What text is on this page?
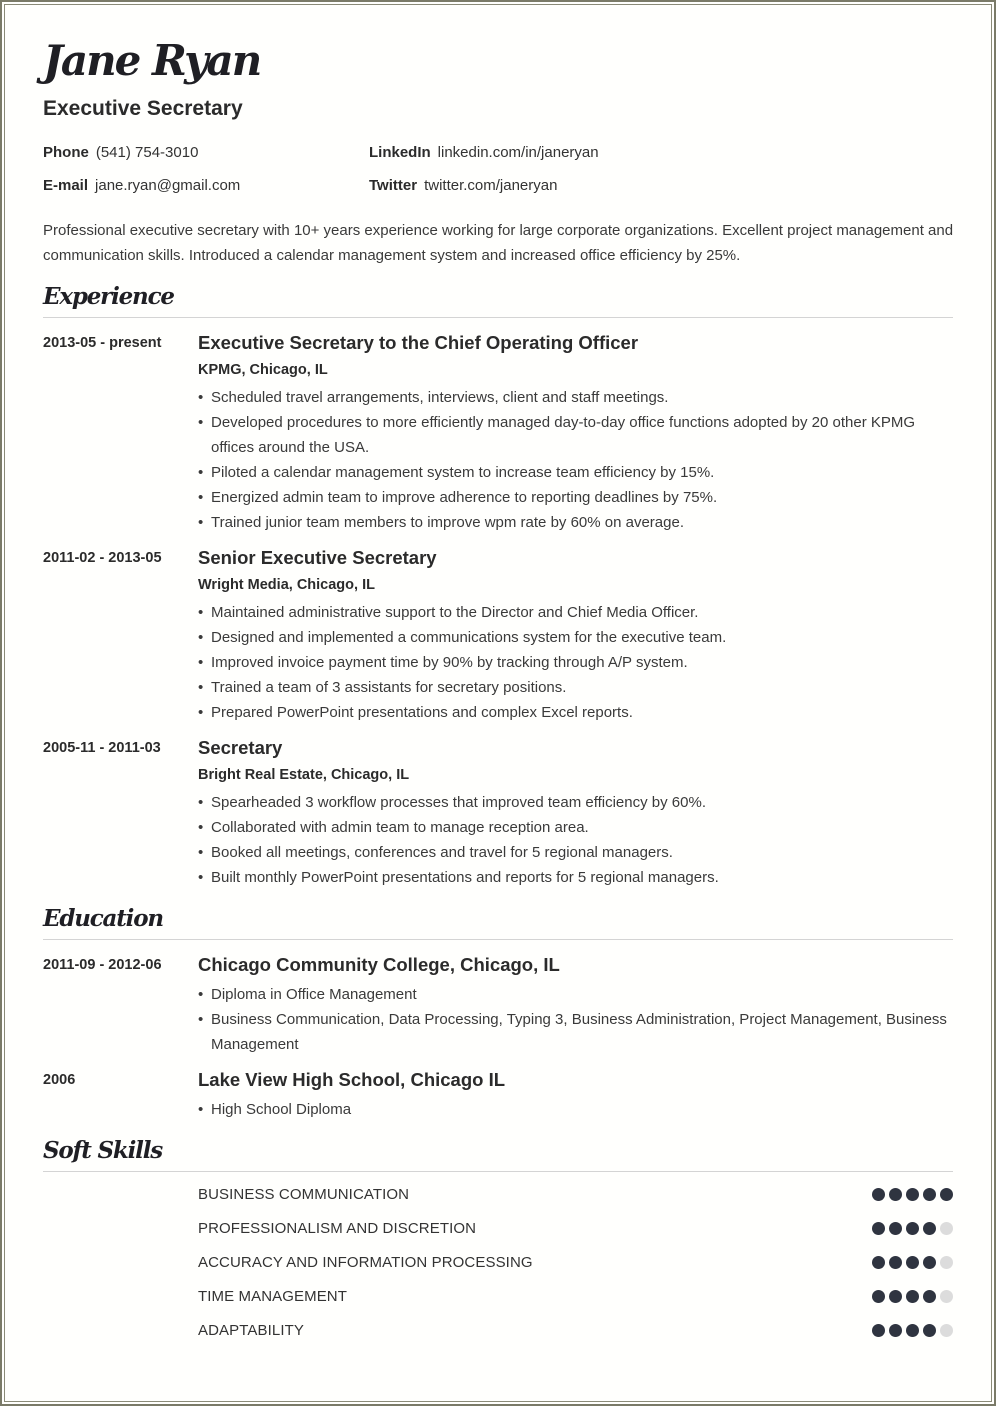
Jane Ryan
Executive Secretary
Phone (541) 754-3010
E-mail jane.ryan@gmail.com
LinkedIn linkedin.com/in/janeryan
Twitter twitter.com/janeryan
Professional executive secretary with 10+ years experience working for large corporate organizations. Excellent project management and communication skills. Introduced a calendar management system and increased office efficiency by 25%.
Experience
2013-05 - present Executive Secretary to the Chief Operating Officer
KPMG, Chicago, IL
• Scheduled travel arrangements, interviews, client and staff meetings.
• Developed procedures to more efficiently managed day-to-day office functions adopted by 20 other KPMG offices around the USA.
• Piloted a calendar management system to increase team efficiency by 15%.
• Energized admin team to improve adherence to reporting deadlines by 75%.
• Trained junior team members to improve wpm rate by 60% on average.
2011-02 - 2013-05 Senior Executive Secretary
Wright Media, Chicago, IL
• Maintained administrative support to the Director and Chief Media Officer.
• Designed and implemented a communications system for the executive team.
• Improved invoice payment time by 90% by tracking through A/P system.
• Trained a team of 3 assistants for secretary positions.
• Prepared PowerPoint presentations and complex Excel reports.
2005-11 - 2011-03 Secretary
Bright Real Estate, Chicago, IL
• Spearheaded 3 workflow processes that improved team efficiency by 60%.
• Collaborated with admin team to manage reception area.
• Booked all meetings, conferences and travel for 5 regional managers.
• Built monthly PowerPoint presentations and reports for 5 regional managers.
Education
2011-09 - 2012-06 Chicago Community College, Chicago, IL
• Diploma in Office Management
• Business Communication, Data Processing, Typing 3, Business Administration, Project Management, Business Management
2006	Lake View High School, Chicago IL
• High School Diploma
Soft Skills
BUSINESS COMMUNICATION
PROFESSIONALISM AND DISCRETION
ACCURACY AND INFORMATION PROCESSING
TIME MANAGEMENT
ADAPTABILITY
